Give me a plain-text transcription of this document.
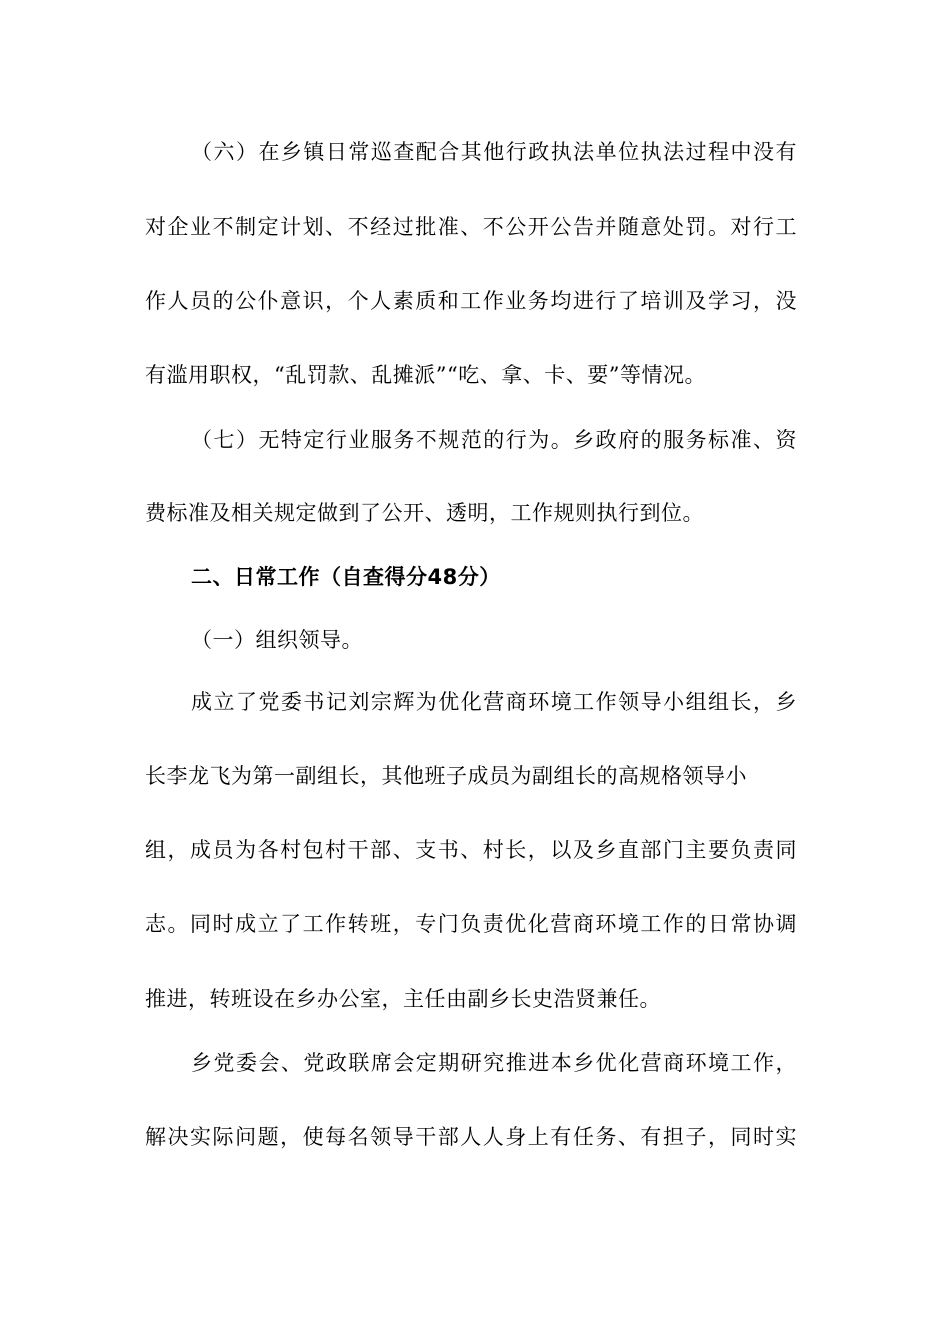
（六）在乡镇日常巡查配合其他行政执法单位执法过程中没有
对企业不制定计划、不经过批准、不公开公告并随意处罚。对行工
作人员的公仆意识，个人素质和工作业务均进行了培训及学习，没
有滥用职权，“乱罚款、乱摊派”“吃、拿、卡、要”等情况。
（七）无特定行业服务不规范的行为。乡政府的服务标准、资
费标准及相关规定做到了公开、透明，工作规则执行到位。
二、日常工作（自查得分48分）
（一）组织领导。
成立了党委书记刘宗辉为优化营商环境工作领导小组组长，乡
长李龙飞为第一副组长，其他班子成员为副组长的高规格领导小
组，成员为各村包村干部、支书、村长，以及乡直部门主要负责同
志。同时成立了工作转班，专门负责优化营商环境工作的日常协调
推进，转班设在乡办公室，主任由副乡长史浩贤兼任。
乡党委会、党政联席会定期研究推进本乡优化营商环境工作，
解决实际问题，使每名领导干部人人身上有任务、有担子，同时实
